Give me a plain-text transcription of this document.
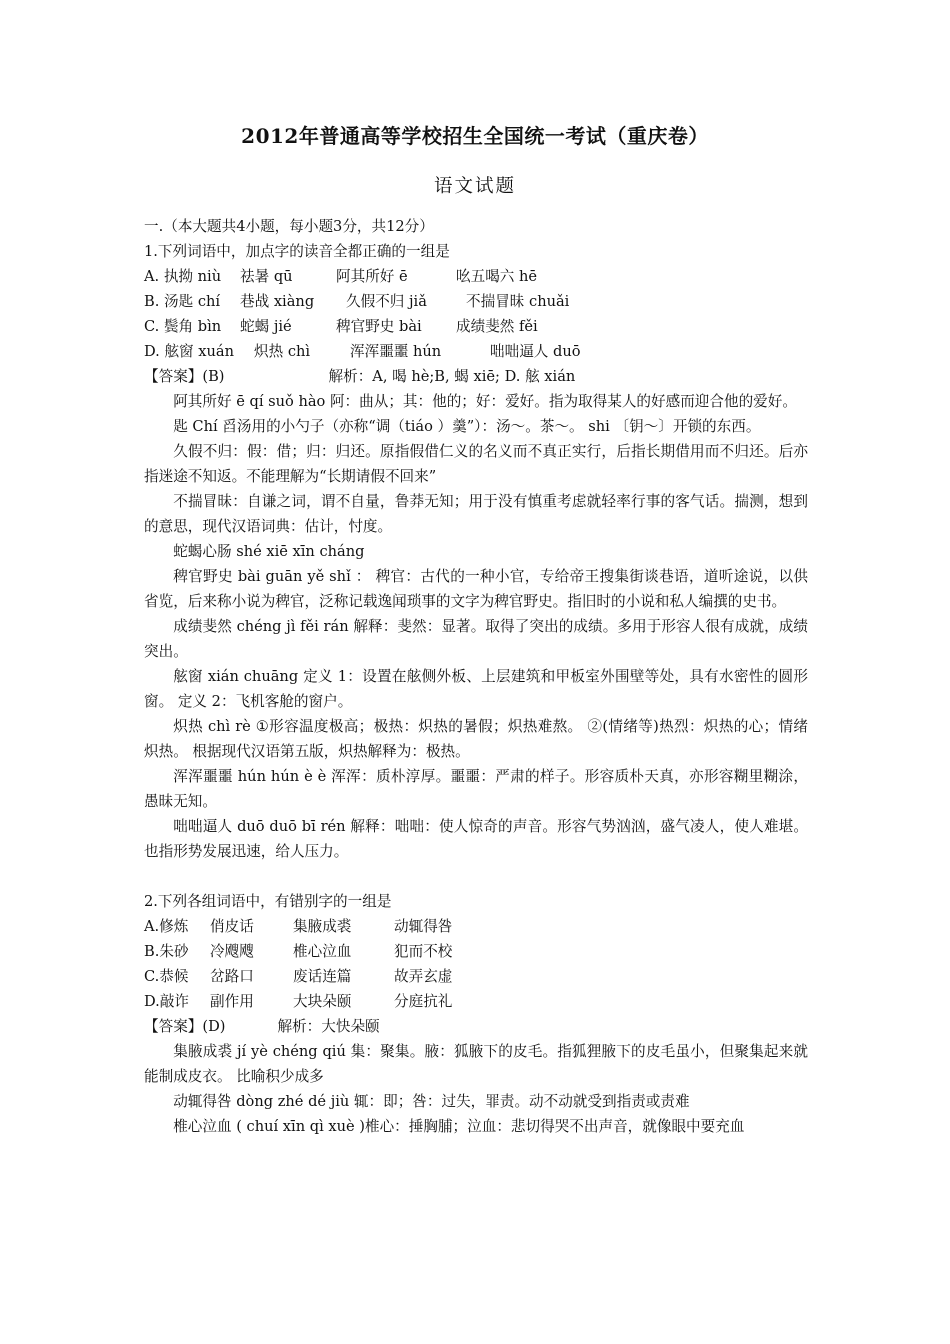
2012年普通高等学校招生全国统一考试（重庆卷）
语文试题
一.（本大题共4小题，每小题3分，共12分）
1.下列词语中，加点字的读音全都正确的一组是
A. 执拗 niù 祛暑 qū	阿其所好 ē	吆五喝六 hē
B. 汤匙 chí 巷战 xiàng 久假不归 jiǎ	不揣冒昧 chuǎi
C. 鬓角 bìn 蛇蝎 jié	稗官野史 bài 成绩斐然 fěi
D. 舷窗 xuán 炽热 chì	浑浑噩噩 hún	咄咄逼人 duō
【答案】(B)	解析：A, 喝 hè;B, 蝎 xiē; D. 舷 xián
阿其所好 ē qí suǒ hào 阿：曲从；其：他的；好：爱好。指为取得某人的好感而迎合他的爱好。
匙 Chí 舀汤用的小勺子（亦称“调（tiáo ）羹”）：汤～。茶～。 shi 〔钥～〕开锁的东西。
久假不归：假：借；归：归还。原指假借仁义的名义而不真正实行，后指长期借用而不归还。后亦指迷途不知返。不能理解为“长期请假不回来”
不揣冒昧：自谦之词，谓不自量，鲁莽无知；用于没有慎重考虑就轻率行事的客气话。揣测，想到的意思，现代汉语词典：估计，忖度。
蛇蝎心肠 shé xiē xīn cháng
稗官野史 bài guān yě shǐ ： 稗官：古代的一种小官，专给帝王搜集街谈巷语，道听途说，以供省览，后来称小说为稗官，泛称记载逸闻琐事的文字为稗官野史。指旧时的小说和私人编撰的史书。
成绩斐然 chéng jì fěi rán 解释：斐然：显著。取得了突出的成绩。多用于形容人很有成就，成绩突出。
舷窗 xián chuāng 定义 1：设置在舷侧外板、上层建筑和甲板室外围壁等处，具有水密性的圆形窗。 定义 2：飞机客舱的窗户。
炽热 chì rè ①形容温度极高；极热：炽热的暑假；炽热难熬。 ②(情绪等)热烈：炽热的心；情绪炽热。 根据现代汉语第五版，炽热解释为：极热。
浑浑噩噩 hún hún è è 浑浑：质朴淳厚。噩噩：严肃的样子。形容质朴天真，亦形容糊里糊涂，愚昧无知。
咄咄逼人 duō duō bī rén 解释：咄咄：使人惊奇的声音。形容气势汹汹，盛气凌人，使人难堪。也指形势发展迅速，给人压力。
2.下列各组词语中，有错别字的一组是
A.修炼 俏皮话	集腋成裘	动辄得咎
B.朱砂 冷飕飕	椎心泣血	犯而不校
C.恭候 岔路口	废话连篇	故弄玄虚
D.敲诈 副作用	大块朵颐	分庭抗礼
【答案】(D)	解析：大快朵颐
集腋成裘 jí yè chéng qiú 集：聚集。腋：狐腋下的皮毛。指狐狸腋下的皮毛虽小，但聚集起来就能制成皮衣。 比喻积少成多
动辄得咎 dòng zhé dé jiù 辄：即；咎：过失，罪责。动不动就受到指责或责难
椎心泣血 ( chuí xīn qì xuè )椎心：捶胸脯；泣血：悲切得哭不出声音，就像眼中要充血
